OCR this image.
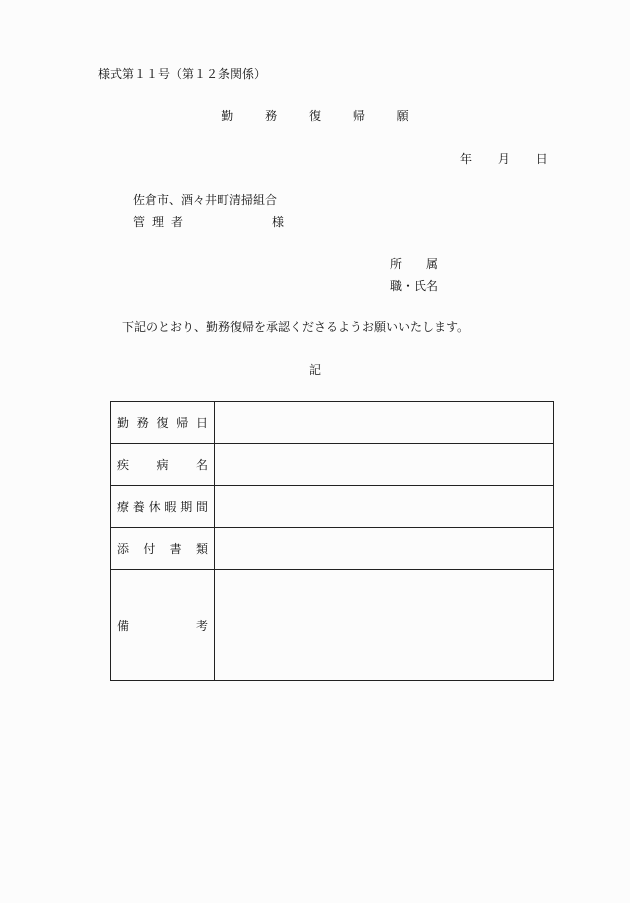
様式第１１号（第１２条関係）
勤	務	復	帰	願
年 月 日
佐倉市、酒々井町清掃組合
管 理 者	様
所　　属
職・氏名
下記のとおり、勤務復帰を承認くださるようお願いいたします。
記
勤 務 復 帰 日
疾 病 名
療 養 休 暇 期 間
添 付 書 類
備	考
